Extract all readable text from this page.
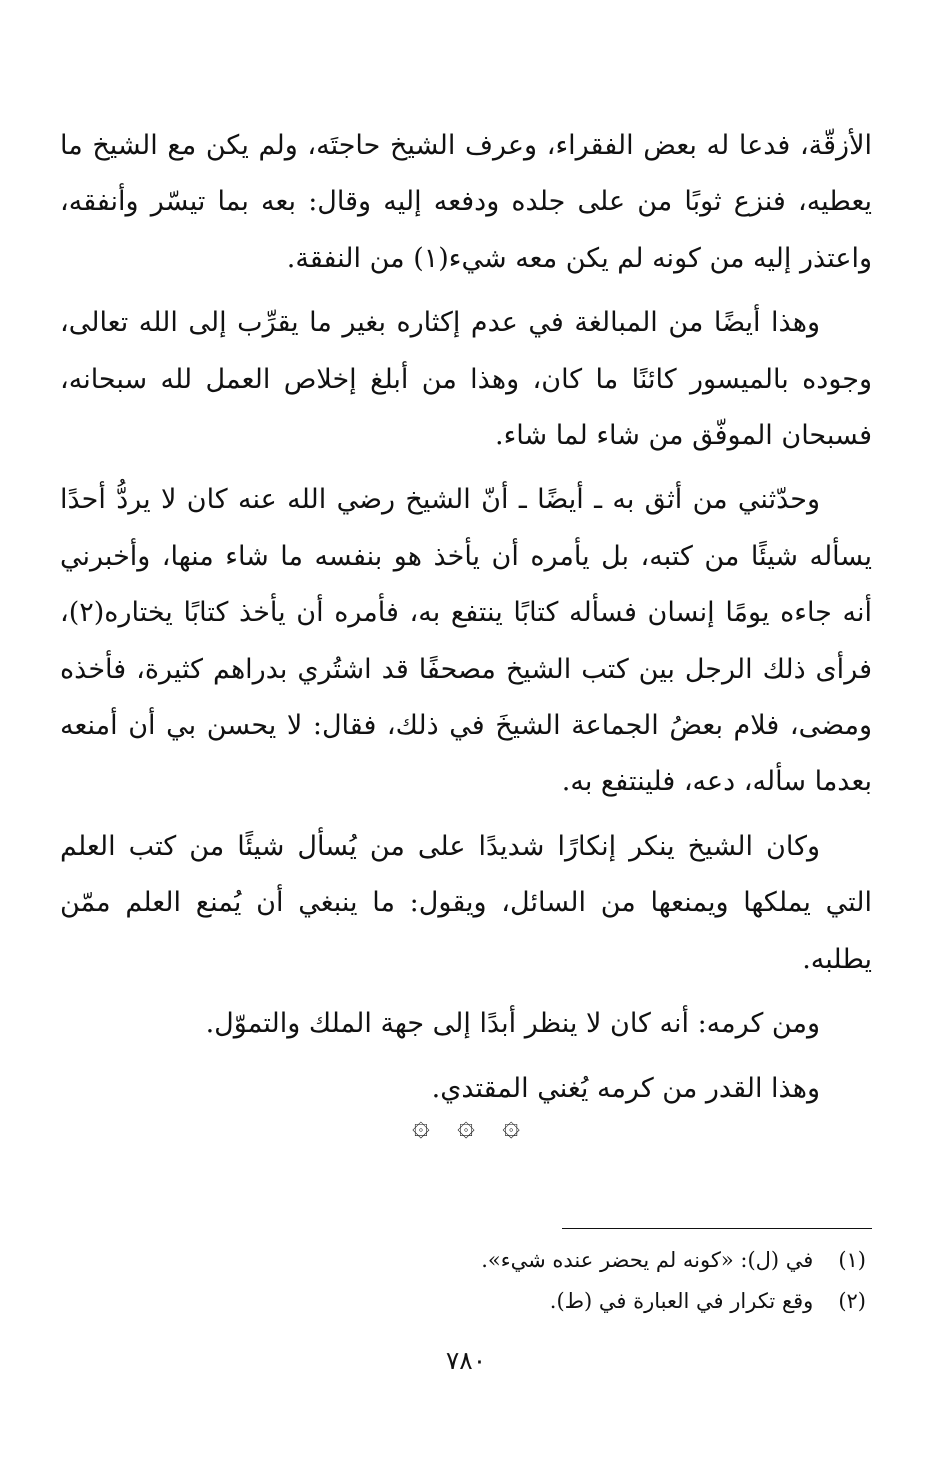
الأزقّة، فدعا له بعض الفقراء، وعرف الشيخ حاجتَه، ولم يكن مع الشيخ ما يعطيه، فنزع ثوبًا من على جلده ودفعه إليه وقال: بعه بما تيسّر وأنفقه، واعتذر إليه من كونه لم يكن معه شيء(١) من النفقة.

وهذا أيضًا من المبالغة في عدم إكثاره بغير ما يقرِّب إلى الله تعالى، وجوده بالميسور كائنًا ما كان، وهذا من أبلغ إخلاص العمل لله سبحانه، فسبحان الموفّق من شاء لما شاء.

وحدّثني من أثق به ـ أيضًا ـ أنّ الشيخ رضي الله عنه كان لا يردُّ أحدًا يسأله شيئًا من كتبه، بل يأمره أن يأخذ هو بنفسه ما شاء منها، وأخبرني أنه جاءه يومًا إنسان فسأله كتابًا ينتفع به، فأمره أن يأخذ كتابًا يختاره(٢)، فرأى ذلك الرجل بين كتب الشيخ مصحفًا قد اشتُري بدراهم كثيرة، فأخذه ومضى، فلام بعضُ الجماعة الشيخَ في ذلك، فقال: لا يحسن بي أن أمنعه بعدما سأله، دعه، فلينتفع به.

وكان الشيخ ينكر إنكارًا شديدًا على من يُسأل شيئًا من كتب العلم التي يملكها ويمنعها من السائل، ويقول: ما ينبغي أن يُمنع العلم ممّن يطلبه.

ومن كرمه: أنه كان لا ينظر أبدًا إلى جهة الملك والتموّل.

وهذا القدر من كرمه يُغني المقتدي.

۞ ۞ ۞

(١) في (ل): «كونه لم يحضر عنده شيء».

(٢) وقع تكرار في العبارة في (ط).

٧٨٠
